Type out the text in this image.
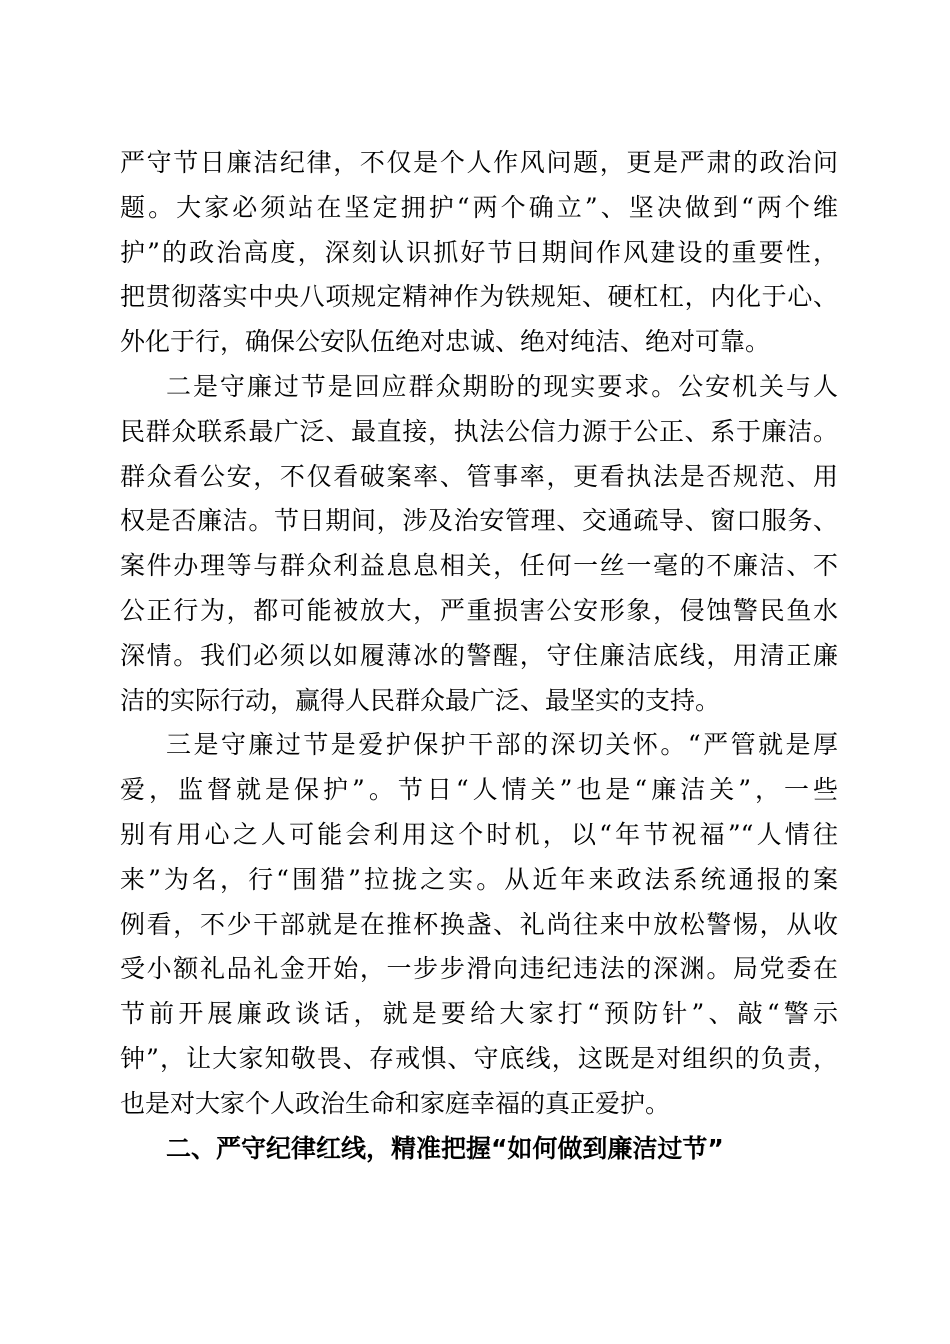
严守节日廉洁纪律，不仅是个人作风问题，更是严肃的政治问
题。大家必须站在坚定拥护“两个确立”、坚决做到“两个维
护”的政治高度，深刻认识抓好节日期间作风建设的重要性，
把贯彻落实中央八项规定精神作为铁规矩、硬杠杠，内化于心、
外化于行，确保公安队伍绝对忠诚、绝对纯洁、绝对可靠。
二是守廉过节是回应群众期盼的现实要求。公安机关与人
民群众联系最广泛、最直接，执法公信力源于公正、系于廉洁。
群众看公安，不仅看破案率、管事率，更看执法是否规范、用
权是否廉洁。节日期间，涉及治安管理、交通疏导、窗口服务、
案件办理等与群众利益息息相关，任何一丝一毫的不廉洁、不
公正行为，都可能被放大，严重损害公安形象，侵蚀警民鱼水
深情。我们必须以如履薄冰的警醒，守住廉洁底线，用清正廉
洁的实际行动，赢得人民群众最广泛、最坚实的支持。
三是守廉过节是爱护保护干部的深切关怀。“严管就是厚
爱，监督就是保护”。节日“人情关”也是“廉洁关”，一些
别有用心之人可能会利用这个时机，以“年节祝福”“人情往
来”为名，行“围猎”拉拢之实。从近年来政法系统通报的案
例看，不少干部就是在推杯换盏、礼尚往来中放松警惕，从收
受小额礼品礼金开始，一步步滑向违纪违法的深渊。局党委在
节前开展廉政谈话，就是要给大家打“预防针”、敲“警示
钟”，让大家知敬畏、存戒惧、守底线，这既是对组织的负责，
也是对大家个人政治生命和家庭幸福的真正爱护。
二、严守纪律红线，精准把握“如何做到廉洁过节”
